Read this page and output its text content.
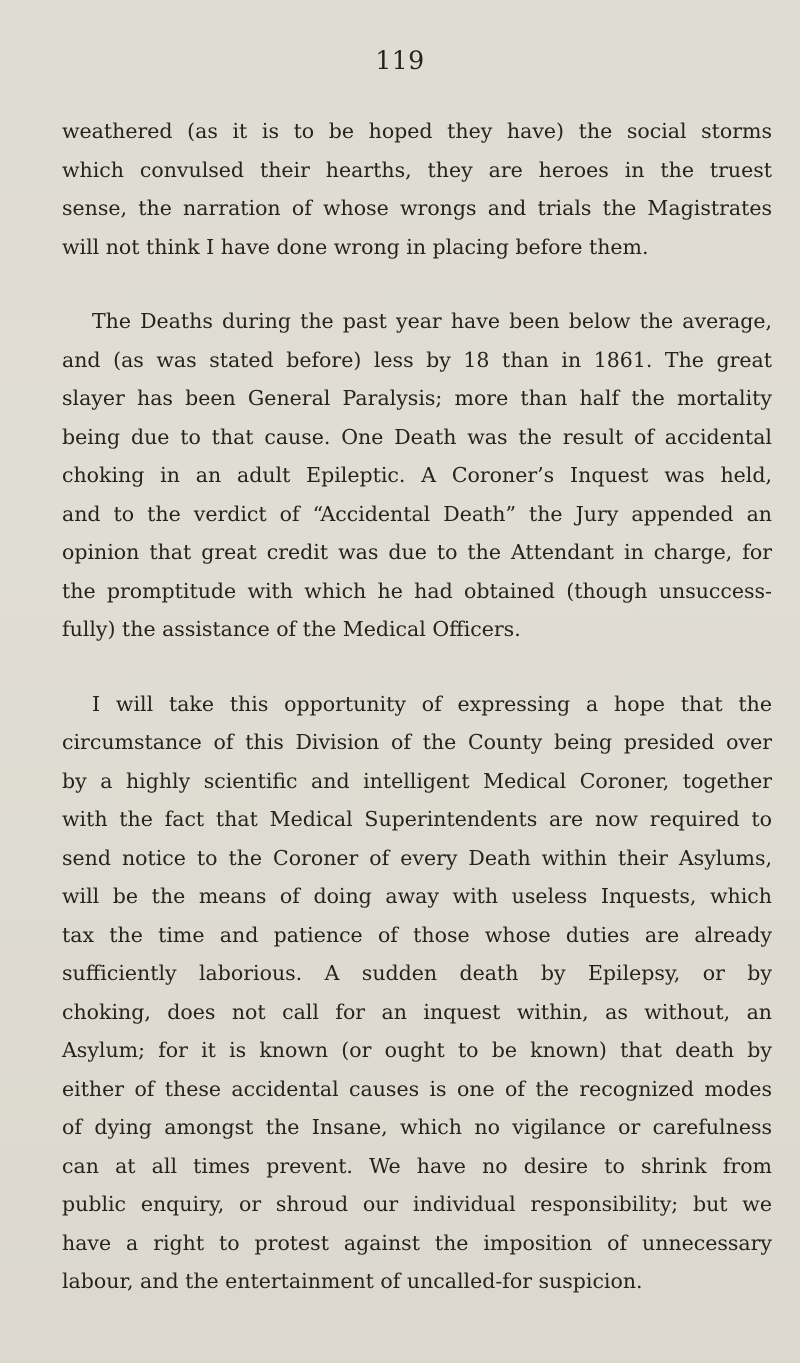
119

weathered (as it is to be hoped they have) the social storms
which convulsed their hearths, they are heroes in the truest
sense, the narration of whose wrongs and trials the Magistrates
will not think I have done wrong in placing before them.

The Deaths during the past year have been below the average,
and (as was stated before) less by 18 than in 1861. The great
slayer has been General Paralysis; more than half the mortality
being due to that cause. One Death was the result of accidental
choking in an adult Epileptic. A Coroner’s Inquest was held,
and to the verdict of “Accidental Death” the Jury appended an
opinion that great credit was due to the Attendant in charge, for
the promptitude with which he had obtained (though unsuccess-
fully) the assistance of the Medical Officers.

I will take this opportunity of expressing a hope that the
circumstance of this Division of the County being presided over
by a highly scientific and intelligent Medical Coroner, together
with the fact that Medical Superintendents are now required to
send notice to the Coroner of every Death within their Asylums,
will be the means of doing away with useless Inquests, which
tax the time and patience of those whose duties are already
sufficiently laborious. A sudden death by Epilepsy, or by
choking, does not call for an inquest within, as without, an
Asylum; for it is known (or ought to be known) that death by
either of these accidental causes is one of the recognized modes
of dying amongst the Insane, which no vigilance or carefulness
can at all times prevent. We have no desire to shrink from
public enquiry, or shroud our individual responsibility; but we
have a right to protest against the imposition of unnecessary
labour, and the entertainment of uncalled-for suspicion.
